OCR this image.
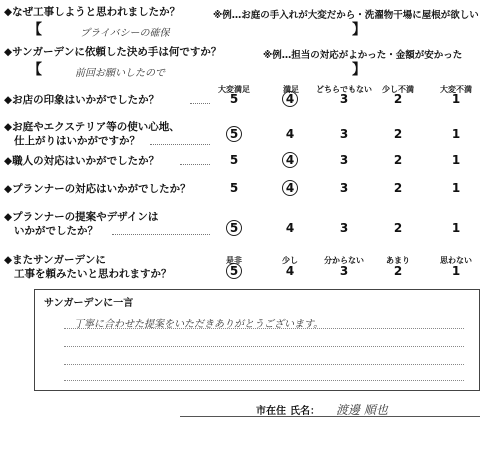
◆なぜ工事しようと思われましたか？	※例…お庭の手入れが大変だから・洗濯物干場に屋根が欲しい
【	プライバシーの確保	】
◆サンガーデンに依頼した決め手は何ですか？	※例…担当の対応がよかった・金額が安かった
【	前回お願いしたので	】
大変満足	満足	どちらでもない 少し不満	大変不満
◆お店の印象はいかがでしたか？	5	4	3	2	1
◆お庭やエクステリア等の使い心地、
仕上がりはいかがですか？	5	4	3	2	1
◆職人の対応はいかがでしたか？	5	4	3	2	1
◆プランナーの対応はいかがでしたか？	5	4	3	2	1
◆プランナーの提案やデザインは
いかがでしたか？	5	4	3	2	1
是非	少し	分からない	あまり	思わない
◆またサンガーデンに
工事を頼みたいと思われますか？	5	4	3	2	1
サンガーデンに一言
丁寧に合わせた提案をいただきありがとうございます。
市在住 氏名： 渡邊 順也
